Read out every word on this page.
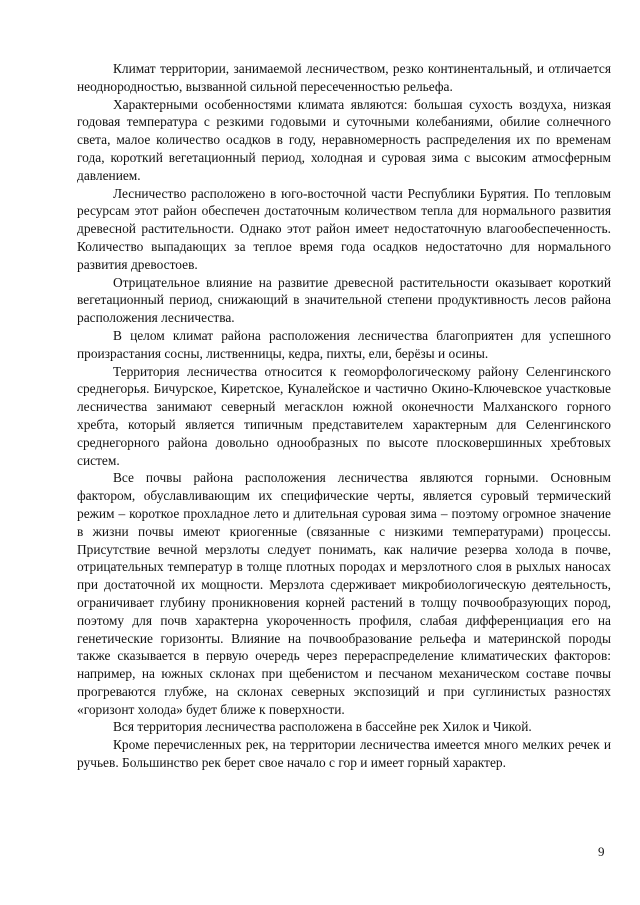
Климат территории, занимаемой лесничеством, резко континентальный, и отличается неоднородностью, вызванной сильной пересеченностью рельефа.

Характерными особенностями климата являются: большая сухость воздуха, низкая годовая температура с резкими годовыми и суточными колебаниями, обилие солнечного света, малое количество осадков в году, неравномерность распределения их по временам года, короткий вегетационный период, холодная и суровая зима с высоким атмосферным давлением.

Лесничество расположено в юго-восточной части Республики Бурятия. По тепловым ресурсам этот район обеспечен достаточным количеством тепла для нормального развития древесной растительности. Однако этот район имеет недостаточную влагообеспеченность. Количество выпадающих за теплое время года осадков недостаточно для нормального развития древостоев.

Отрицательное влияние на развитие древесной растительности оказывает короткий вегетационный период, снижающий в значительной степени продуктивность лесов района расположения лесничества.

В целом климат района расположения лесничества благоприятен для успешного произрастания сосны, лиственницы, кедра, пихты, ели, берёзы и осины.

Территория лесничества относится к геоморфологическому району Селенгинского среднегорья. Бичурское, Киретское, Куналейское и частично Окино-Ключевское участковые лесничества занимают северный мегасклон южной оконечности Малханского горного хребта, который является типичным представителем характерным для Селенгинского среднегорного района довольно однообразных по высоте плосковершинных хребтовых систем.

Все почвы района расположения лесничества являются горными. Основным фактором, обуславливающим их специфические черты, является суровый термический режим – короткое прохладное лето и длительная суровая зима – поэтому огромное значение в жизни почвы имеют криогенные (связанные с низкими температурами) процессы. Присутствие вечной мерзлоты следует понимать, как наличие резерва холода в почве, отрицательных температур в толще плотных породах и мерзлотного слоя в рыхлых наносах при достаточной их мощности. Мерзлота сдерживает микробиологическую деятельность, ограничивает глубину проникновения корней растений в толщу почвообразующих пород, поэтому для почв характерна укороченность профиля, слабая дифференциация его на генетические горизонты. Влияние на почвообразование рельефа и материнской породы также сказывается в первую очередь через перераспределение климатических факторов: например, на южных склонах при щебенистом и песчаном механическом составе почвы прогреваются глубже, на склонах северных экспозиций и при суглинистых разностях «горизонт холода» будет ближе к поверхности.

Вся территория лесничества расположена в бассейне рек Хилок и Чикой.

Кроме перечисленных рек, на территории лесничества имеется много мелких речек и ручьев. Большинство рек берет свое начало с гор и имеет горный характер.

9
